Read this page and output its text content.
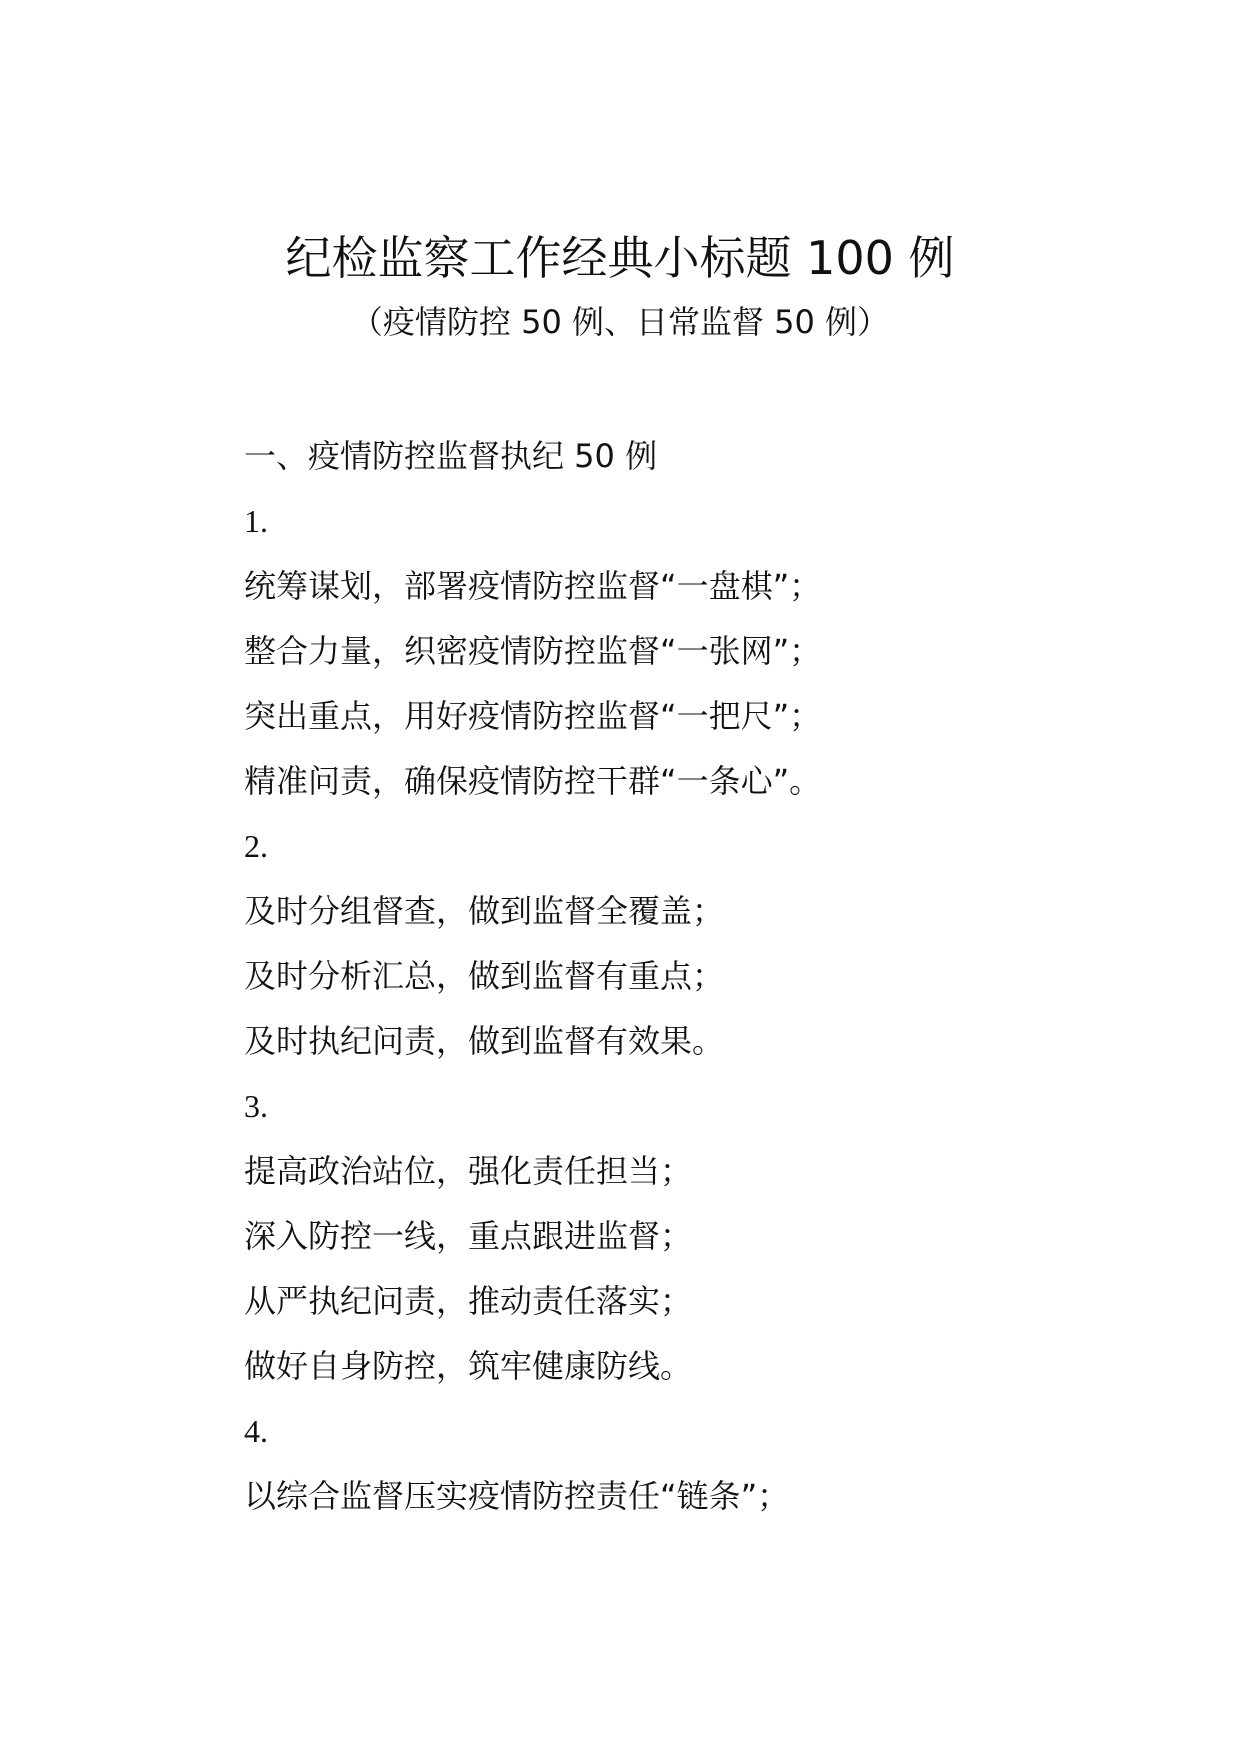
纪检监察工作经典小标题 100 例
（疫情防控 50 例、日常监督 50 例）
一、疫情防控监督执纪 50 例
1.
统筹谋划，部署疫情防控监督“一盘棋”；
整合力量，织密疫情防控监督“一张网”；
突出重点，用好疫情防控监督“一把尺”；
精准问责，确保疫情防控干群“一条心”。
2.
及时分组督查，做到监督全覆盖；
及时分析汇总，做到监督有重点；
及时执纪问责，做到监督有效果。
3.
提高政治站位，强化责任担当；
深入防控一线，重点跟进监督；
从严执纪问责，推动责任落实；
做好自身防控，筑牢健康防线。
4.
以综合监督压实疫情防控责任“链条”；
